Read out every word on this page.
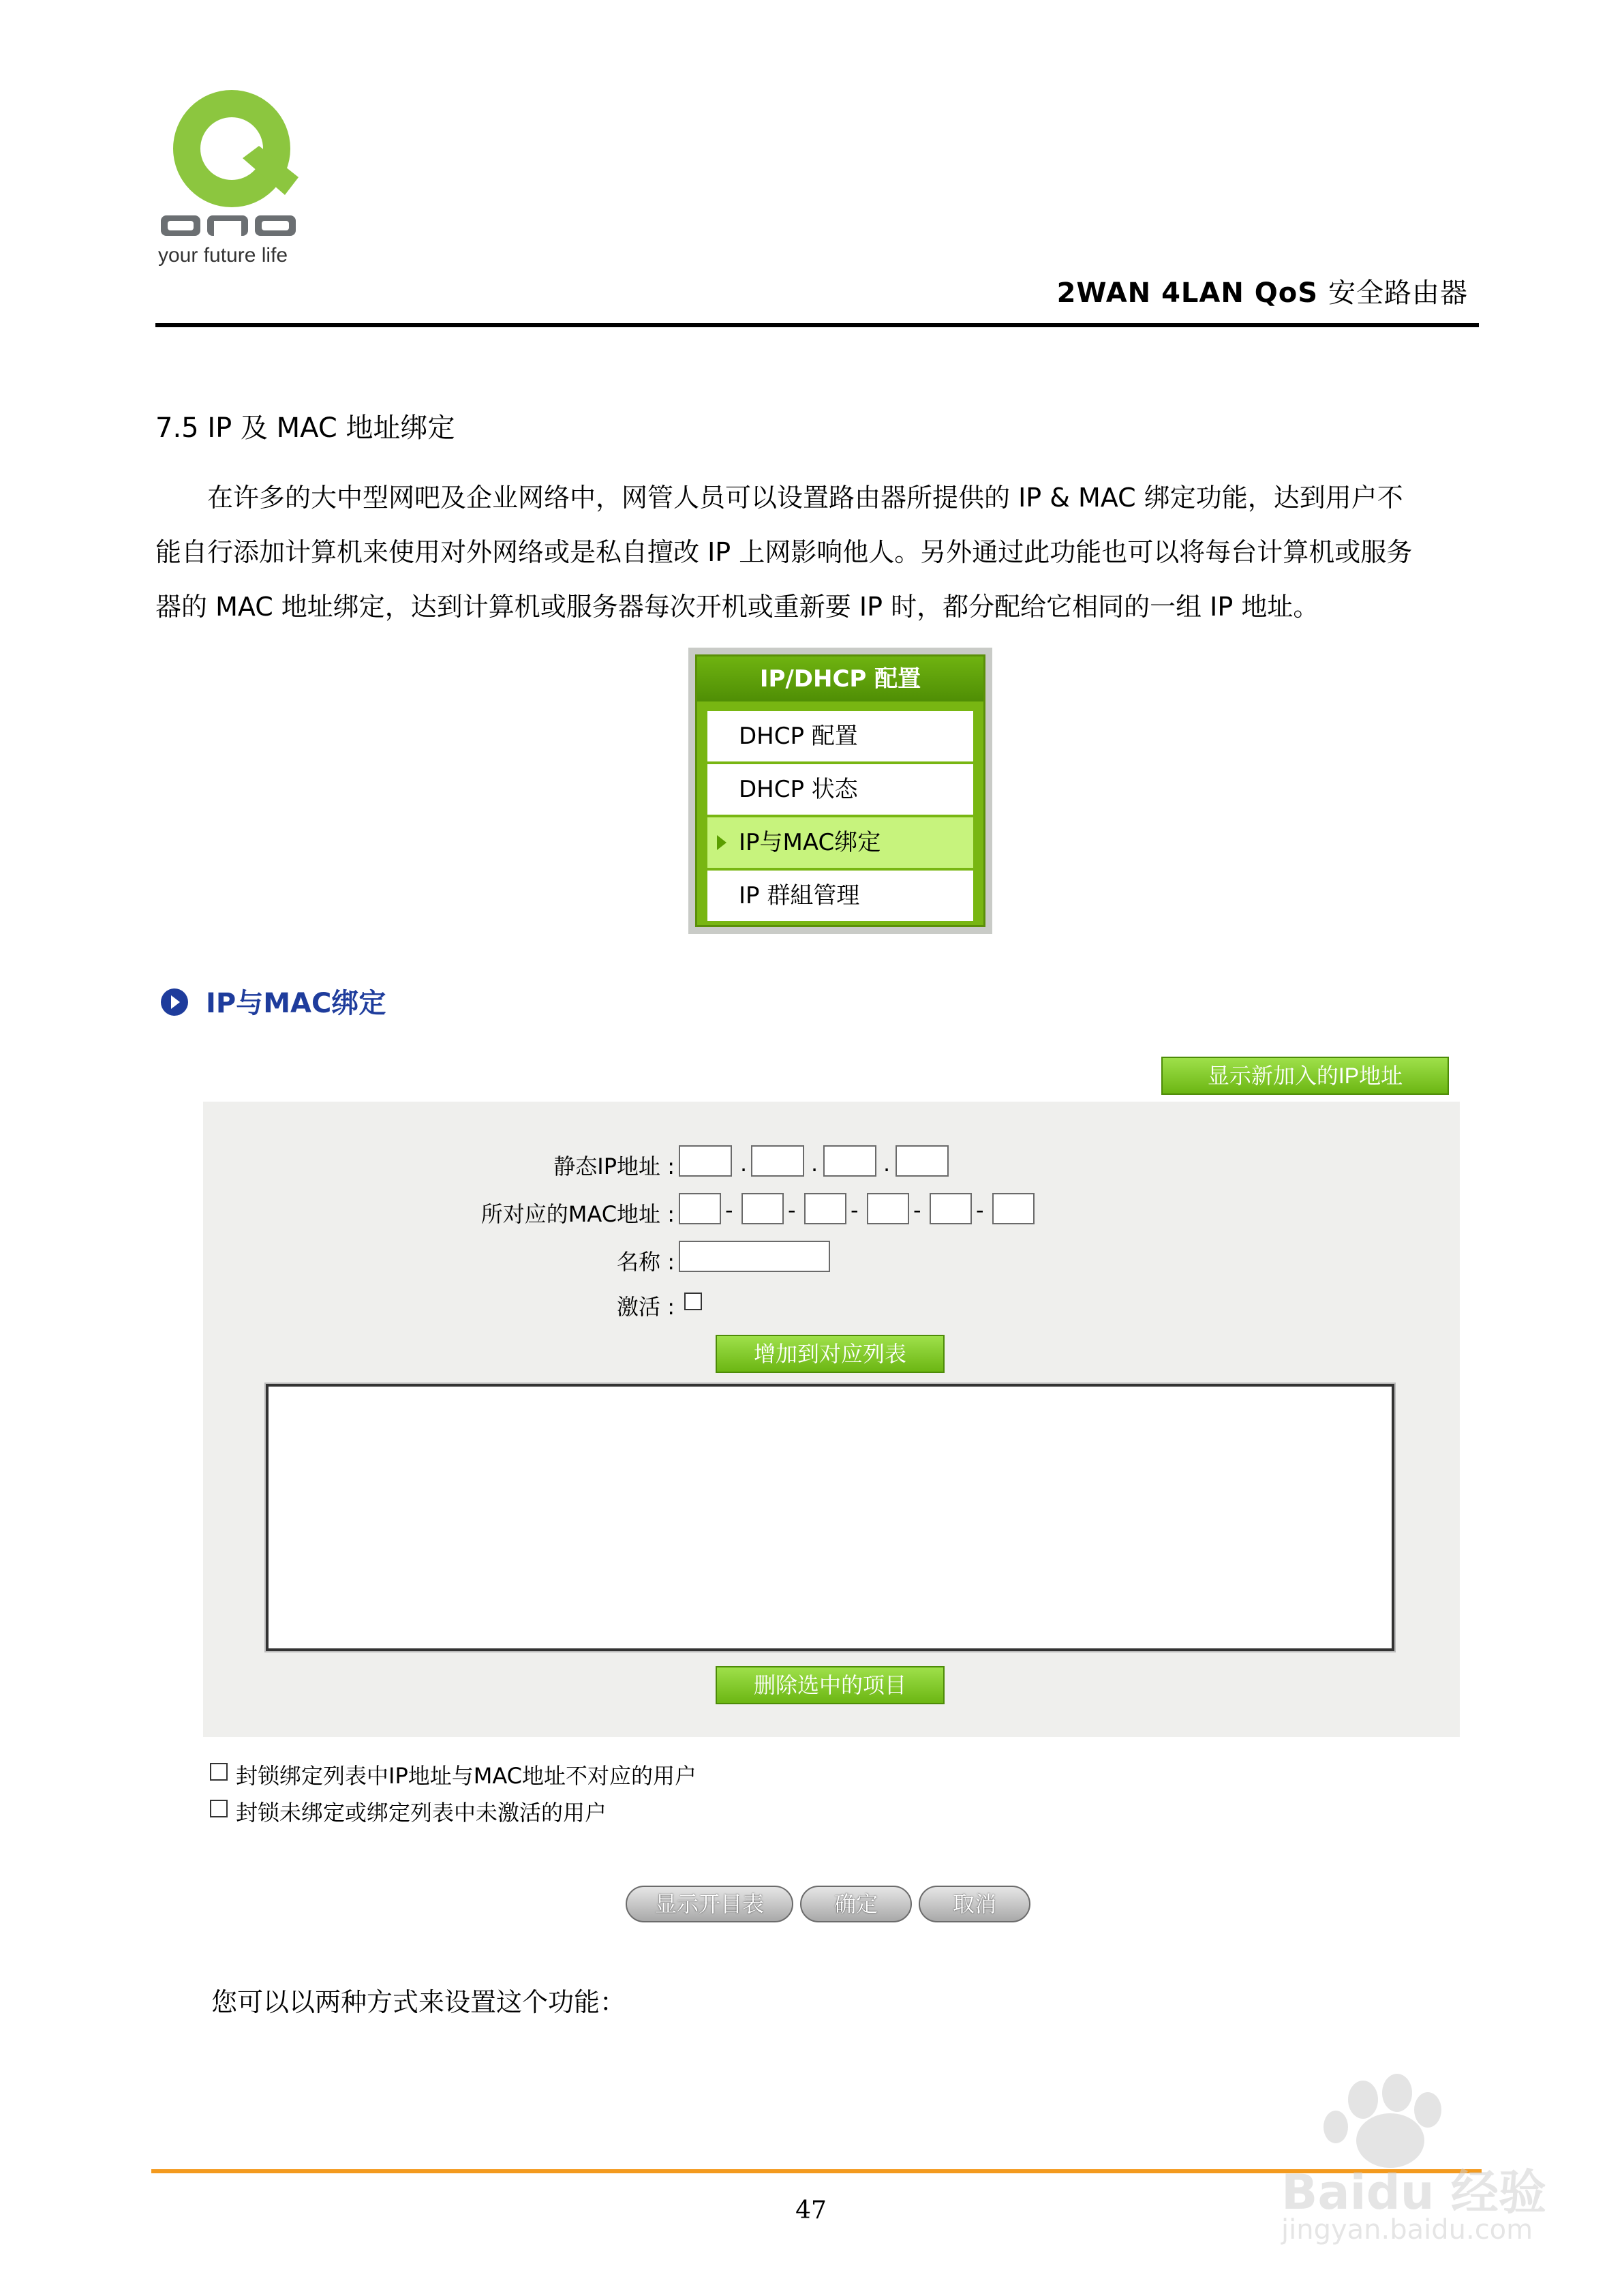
your future life
2WAN 4LAN QoS 安全路由器
7.5 IP 及 MAC 地址绑定
在许多的大中型网吧及企业网络中，网管人员可以设置路由器所提供的 IP & MAC 绑定功能，达到用户不
能自行添加计算机来使用对外网络或是私自擅改 IP 上网影响他人。另外通过此功能也可以将每台计算机或服务
器的 MAC 地址绑定，达到计算机或服务器每次开机或重新要 IP 时，都分配给它相同的一组 IP 地址。
IP/DHCP 配置
DHCP 配置
DHCP 状态
IP与MAC绑定
IP 群組管理
IP与MAC绑定
显示新加入的IP地址
静态IP地址 :	.	.	.
所对应的MAC地址 : -	-	-	-	-
名称 :
激活 :
增加到对应列表
删除选中的项目
封锁绑定列表中IP地址与MAC地址不对应的用户
封锁未绑定或绑定列表中未激活的用户
显示开目表	确定	取消
您可以以两种方式来设置这个功能：
47	Baidu 经验
jingyan.baidu.com
